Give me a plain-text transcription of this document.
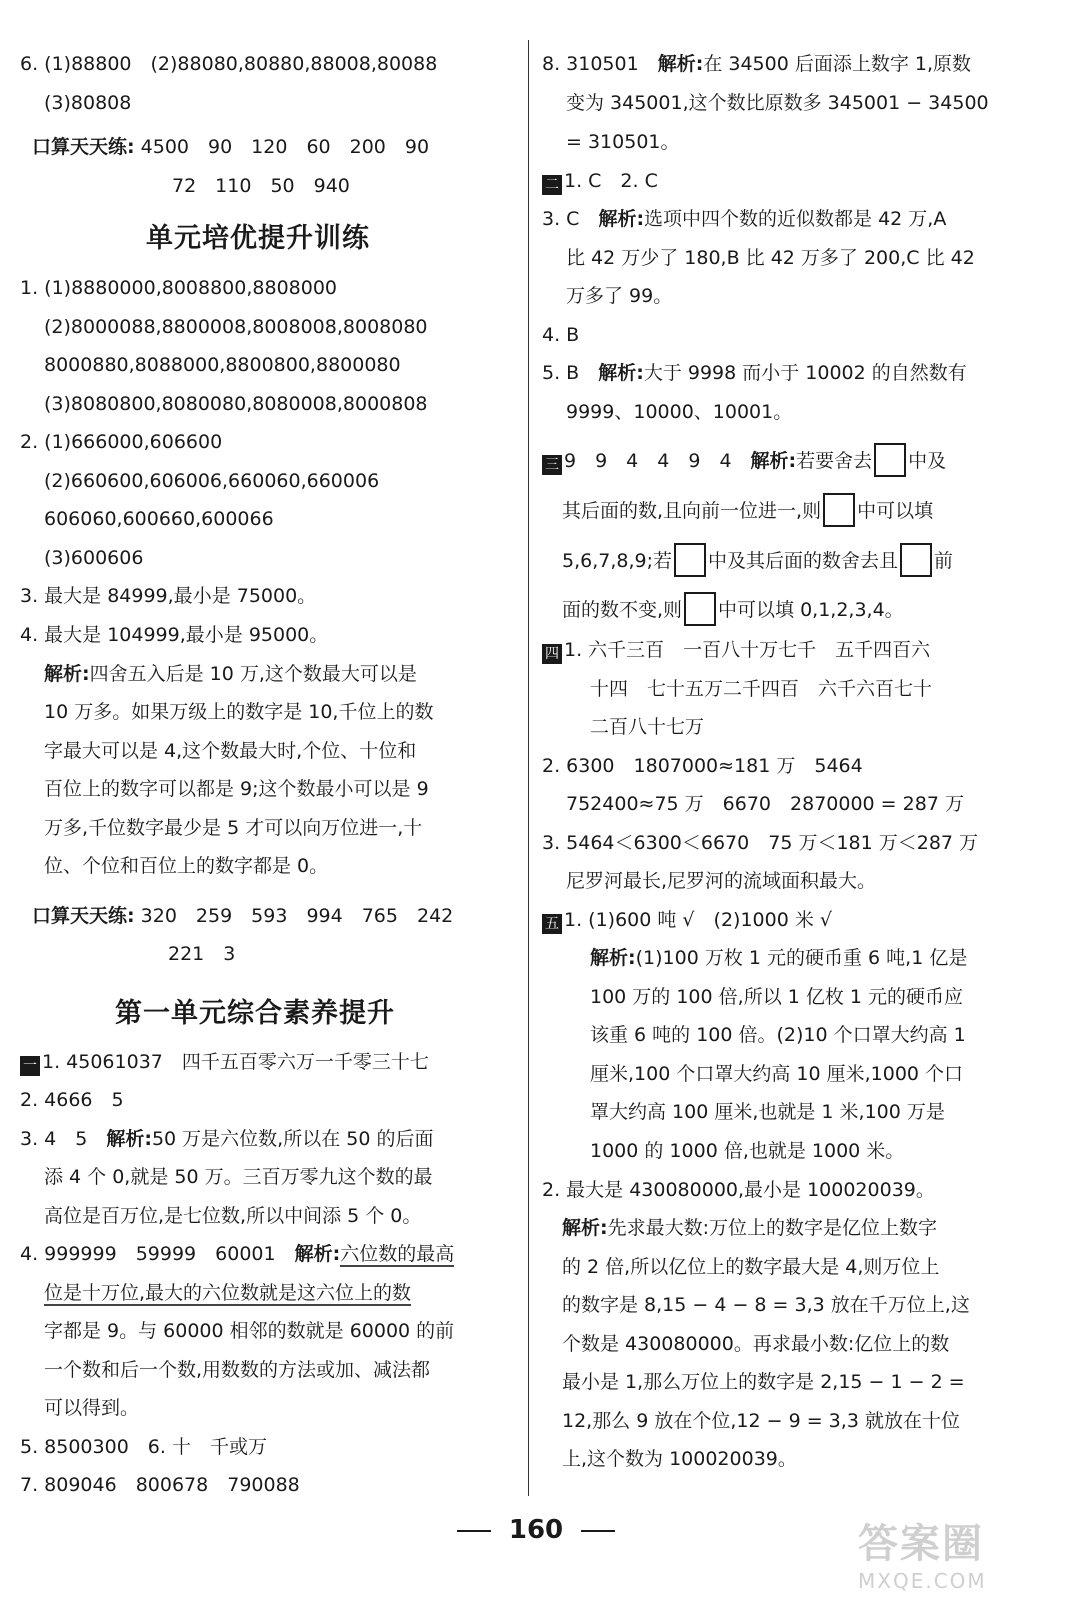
6. (1)88800　(2)88080,80880,88008,80088
(3)80808
口算天天练: 4500　90　120　60　200　90
72　110　50　940
单元培优提升训练
1. (1)8880000,8008800,8808000
(2)8000088,8800008,8008008,8008080
8000880,8088000,8800800,8800080
(3)8080800,8080080,8080008,8000808
2. (1)666000,606600
(2)660600,606006,660060,660006
606060,600660,600066
(3)600606
3. 最大是 84999,最小是 75000。
4. 最大是 104999,最小是 95000。
解析:四舍五入后是 10 万,这个数最大可以是
10 万多。如果万级上的数字是 10,千位上的数
字最大可以是 4,这个数最大时,个位、十位和
百位上的数字可以都是 9;这个数最小可以是 9
万多,千位数字最少是 5 才可以向万位进一,十
位、个位和百位上的数字都是 0。
口算天天练: 320　259　593　994　765　242
221　3
第一单元综合素养提升
一 1. 45061037　四千五百零六万一千零三十七
2. 4666　5
3. 4　5　解析:50 万是六位数,所以在 50 的后面
添 4 个 0,就是 50 万。三百万零九这个数的最
高位是百万位,是七位数,所以中间添 5 个 0。
4. 999999　59999　60001　解析:六位数的最高
位是十万位,最大的六位数就是这六位上的数
字都是 9。与 60000 相邻的数就是 60000 的前
一个数和后一个数,用数数的方法或加、减法都
可以得到。
5. 8500300　6. 十　千或万
7. 809046　800678　790088
8. 310501　解析:在 34500 后面添上数字 1,原数
变为 345001,这个数比原数多 345001 − 34500
= 310501。
二 1. C　2. C
3. C　解析:选项中四个数的近似数都是 42 万,A
比 42 万少了 180,B 比 42 万多了 200,C 比 42
万多了 99。
4. B
5. B　解析:大于 9998 而小于 10002 的自然数有
9999、10000、10001。
三 9　9　4　4　9　4　解析:若要舍去 中及
其后面的数,且向前一位进一,则 中可以填
5,6,7,8,9;若 中及其后面的数舍去且 前
面的数不变,则 中可以填 0,1,2,3,4。
四 1. 六千三百　一百八十万七千　五千四百六
十四　七十五万二千四百　六千六百七十
二百八十七万
2. 6300　1807000≈181 万　5464
752400≈75 万　6670　2870000 = 287 万
3. 5464＜6300＜6670　75 万＜181 万＜287 万
尼罗河最长,尼罗河的流域面积最大。
五 1. (1)600 吨 √　(2)1000 米 √
解析:(1)100 万枚 1 元的硬币重 6 吨,1 亿是
100 万的 100 倍,所以 1 亿枚 1 元的硬币应
该重 6 吨的 100 倍。(2)10 个口罩大约高 1
厘米,100 个口罩大约高 10 厘米,1000 个口
罩大约高 100 厘米,也就是 1 米,100 万是
1000 的 1000 倍,也就是 1000 米。
2. 最大是 430080000,最小是 100020039。
解析:先求最大数:万位上的数字是亿位上数字
的 2 倍,所以亿位上的数字最大是 4,则万位上
的数字是 8,15 − 4 − 8 = 3,3 放在千万位上,这
个数是 430080000。再求最小数:亿位上的数
最小是 1,那么万位上的数字是 2,15 − 1 − 2 =
12,那么 9 放在个位,12 − 9 = 3,3 就放在十位
上,这个数为 100020039。
160	答案圈
MXQE.COM
